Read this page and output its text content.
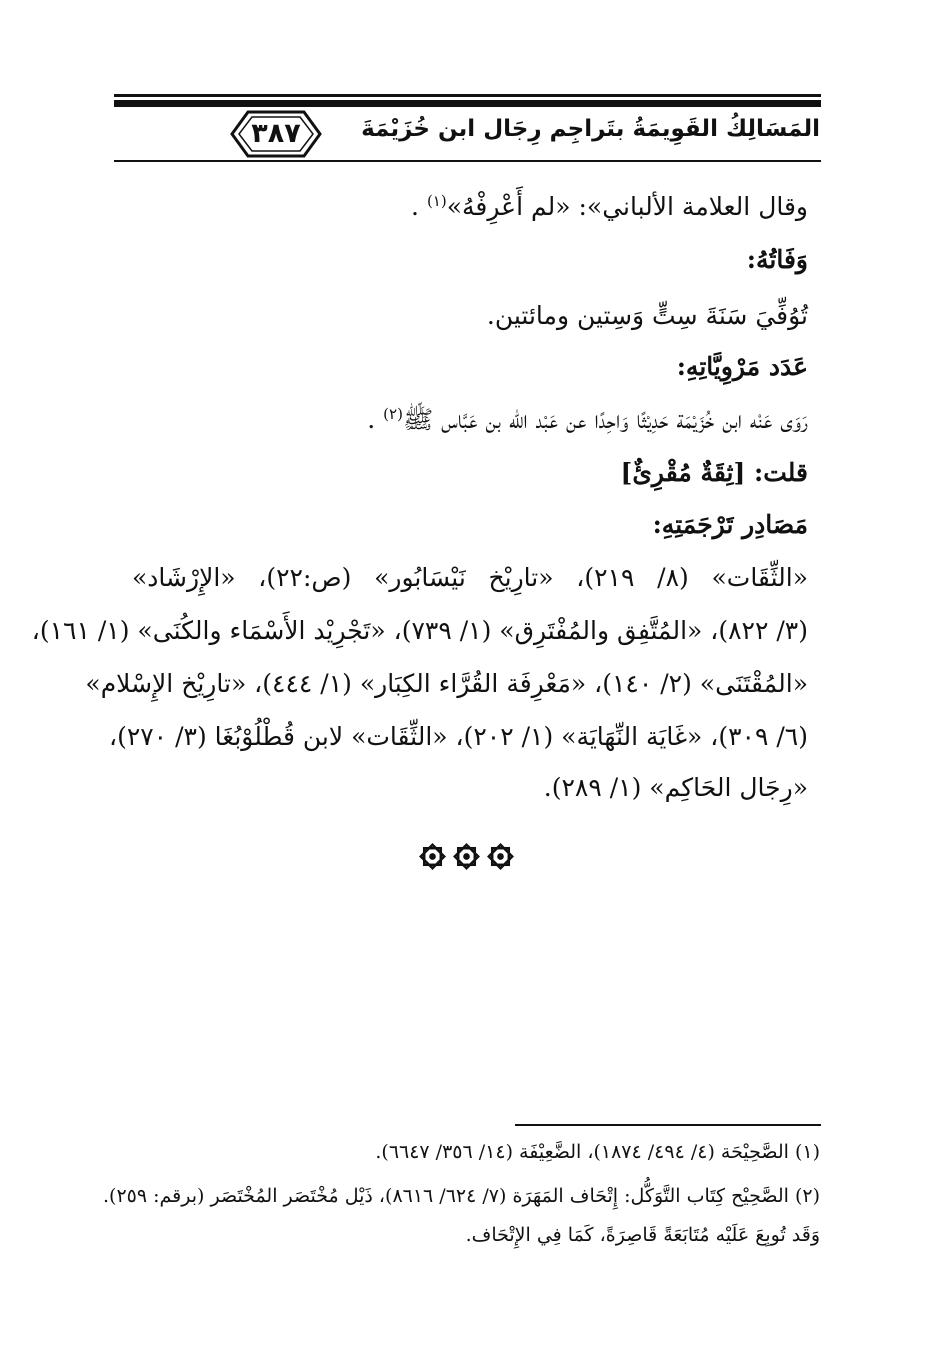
٣٨٧	المَسَالِكُ القَوِيمَةُ بتَراجِم رِجَال ابن خُزَيْمَةَ
وقال العلامة الألباني»: «لم أَعْرِفْهُ»$^{(١)}$ .
وَفَاتُهُ:
تُوُفِّيَ سَنَةَ سِتٍّ وَسِتين ومائتين.
عَدَد مَرْوِيَّاتِهِ:
رَوَى عَنْه ابن خُزَيْمَة حَدِيْثًا وَاحِدًا عن عَبْد الله بن عَبَّاس ﷺ$^{(٢)}$ .
قلت: [ثِقَةٌ مُقْرِئٌ]
مَصَادِر تَرْجَمَتِهِ:
«الثِّقَات» (٨/ ٢١٩)، «تارِيْخ نَيْسَابُور» (ص:٢٢)، «الإِرْشَاد»
(٣/ ٨٢٢)، «المُتَّفِق والمُفْتَرِق» (١/ ٧٣٩)، «تَجْرِيْد الأَسْمَاء والكُنَى» (١/ ١٦١)،
«المُقْتَنَى» (٢/ ١٤٠)، «مَعْرِفَة القُرَّاء الكِبَار» (١/ ٤٤٤)، «تارِيْخ الإِسْلام»
(٦/ ٣٠٩)، «غَايَة النِّهَايَة» (١/ ٢٠٢)، «الثِّقَات» لابن قُطْلُوْبُغَا (٣/ ٢٧٠)،
«رِجَال الحَاكِم» (١/ ٢٨٩).
(١) الصَّحِيْحَة (٤/ ٤٩٤/ ١٨٧٤)، الضَّعِيْفَة (١٤/ ٣٥٦/ ٦٦٤٧).
(٢) الصَّحِيْح كِتَاب التَّوَكُّل: إِتْحَاف المَهَرَة (٧/ ٦٢٤/ ٨٦١٦)، ذَيْل مُخْتَصَر المُخْتَصَر (برقم: ٢٥٩).
وَقَد تُوبِعَ عَلَيْه مُتَابَعَةً قَاصِرَةً، كَمَا فِي الإِتْحَاف.
